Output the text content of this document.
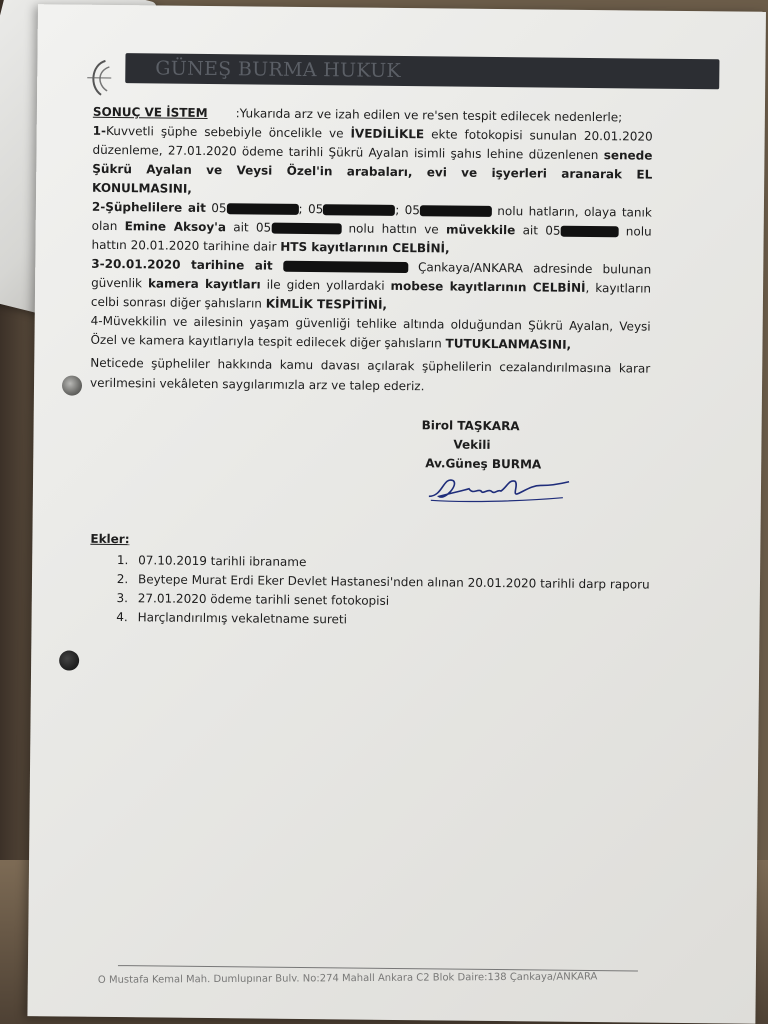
GÜNEŞ BURMA HUKUK

SONUÇ VE İSTEM :Yukarıda arz ve izah edilen ve re'sen tespit edilecek nedenlerle;

1-Kuvvetli şüphe sebebiyle öncelikle ve İVEDİLİKLE ekte fotokopisi sunulan 20.01.2020 düzenleme, 27.01.2020 ödeme tarihli Şükrü Ayalan isimli şahıs lehine düzenlenen senede Şükrü Ayalan ve Veysi Özel'in arabaları, evi ve işyerleri aranarak EL KONULMASINI,

2-Şüphelilere ait 05	; 05	; 05	nolu hatların, olaya tanık olan Emine Aksoy'a ait 05	nolu hattın ve müvekkile ait 05	nolu hattın 20.01.2020 tarihine dair HTS kayıtlarının CELBİNİ,

3-20.01.2020 tarihine ait	Çankaya/ANKARA adresinde bulunan güvenlik kamera kayıtları ile giden yollardaki mobese kayıtlarının CELBİNİ, kayıtların celbi sonrası diğer şahısların KİMLİK TESPİTİNİ,

4-Müvekkilin ve ailesinin yaşam güvenliği tehlike altında olduğundan Şükrü Ayalan, Veysi Özel ve kamera kayıtlarıyla tespit edilecek diğer şahısların TUTUKLANMASINI,

Neticede şüpheliler hakkında kamu davası açılarak şüphelilerin cezalandırılmasına karar verilmesini vekâleten saygılarımızla arz ve talep ederiz.
Birol TAŞKARA
Vekili
Av.Güneş BURMA
Ekler:
1. 07.10.2019 tarihli ibraname
2. Beytepe Murat Erdi Eker Devlet Hastanesi'nden alınan 20.01.2020 tarihli darp raporu
3. 27.01.2020 ödeme tarihli senet fotokopisi
4. Harçlandırılmış vekaletname sureti
O Mustafa Kemal Mah. Dumlupınar Bulv. No:274 Mahall Ankara C2 Blok Daire:138 Çankaya/ANKARA
